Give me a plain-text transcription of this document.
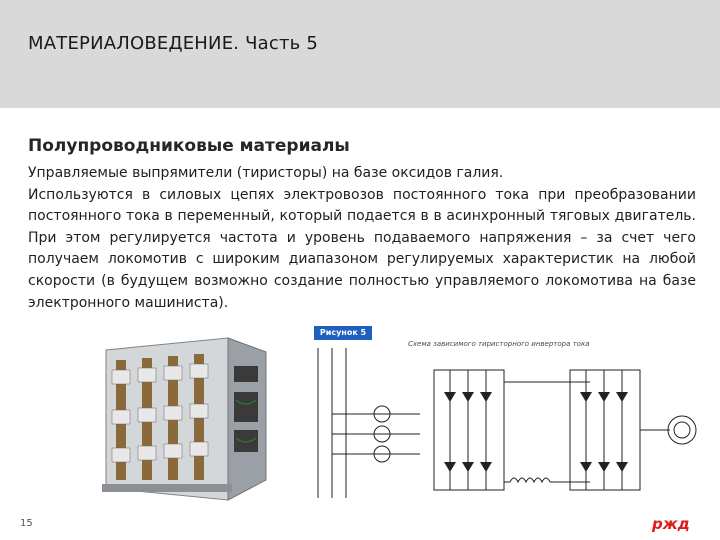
МАТЕРИАЛОВЕДЕНИЕ. Часть 5
Полупроводниковые материалы

Управляемые выпрямители (тиристоры) на базе оксидов галия.

Используются в силовых цепях электровозов постоянного тока при преобразовании постоянного тока в переменный, который подается в в асинхронный тяговых двигатель. При этом регулируется частота и уровень подаваемого напряжения – за счет чего получаем локомотив с широким диапазоном регулируемых характеристик на любой скорости (в будущем возможно создание полностью управляемого локомотива на базе электронного машиниста).

Рисунок 5
Схема зависимого тиристорного инвертора тока
15	ржд
